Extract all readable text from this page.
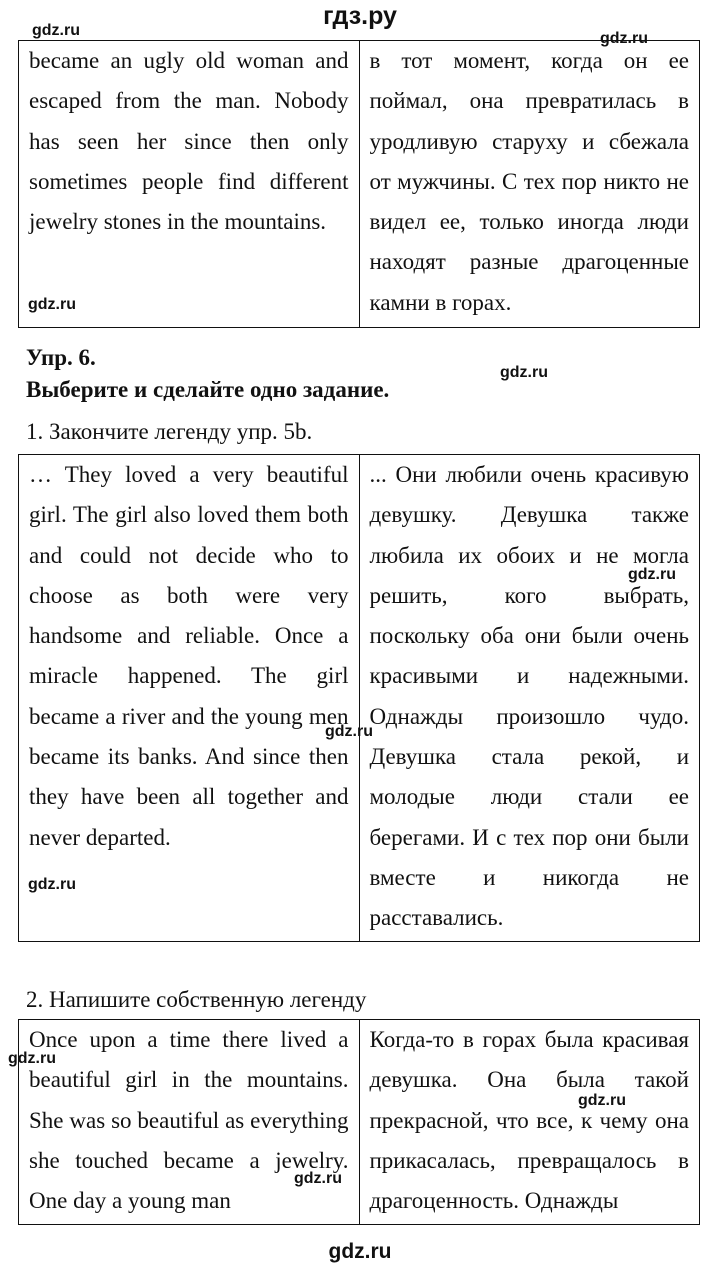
гдз.ру
became an ugly old woman and escaped from the man. Nobody has seen her since then only sometimes people find different jewelry stones in the mountains.	в тот момент, когда он ее поймал, она превратилась в уродливую старуху и сбежала от мужчины. С тех пор никто не видел ее, только иногда люди находят разные драгоценные камни в горах.
Упр. 6.
Выберите и сделайте одно задание.
1. Закончите легенду упр. 5b.
… They loved a very beautiful girl. The girl also loved them both and could not decide who to choose as both were very handsome and reliable. Once a miracle happened. The girl became a river and the young men became its banks. And since then they have been all together and never departed.	... Они любили очень красивую девушку. Девушка также любила их обоих и не могла решить, кого выбрать, поскольку оба они были очень красивыми и надежными. Однажды произошло чудо. Девушка стала рекой, и молодые люди стали ее берегами. И с тех пор они были вместе и никогда не расставались.
2. Напишите собственную легенду
Once upon a time there lived a beautiful girl in the mountains. She was so beautiful as everything she touched became a jewelry. One day a young man	Когда-то в горах была красивая девушка. Она была такой прекрасной, что все, к чему она прикасалась, превращалось в драгоценность. Однажды
gdz.ru	gdz.ru
gdz.ru
gdz.ru
gdz.ru
gdz.ru
gdz.ru
gdz.ru
gdz.ru
gdz.ru
gdz.ru
